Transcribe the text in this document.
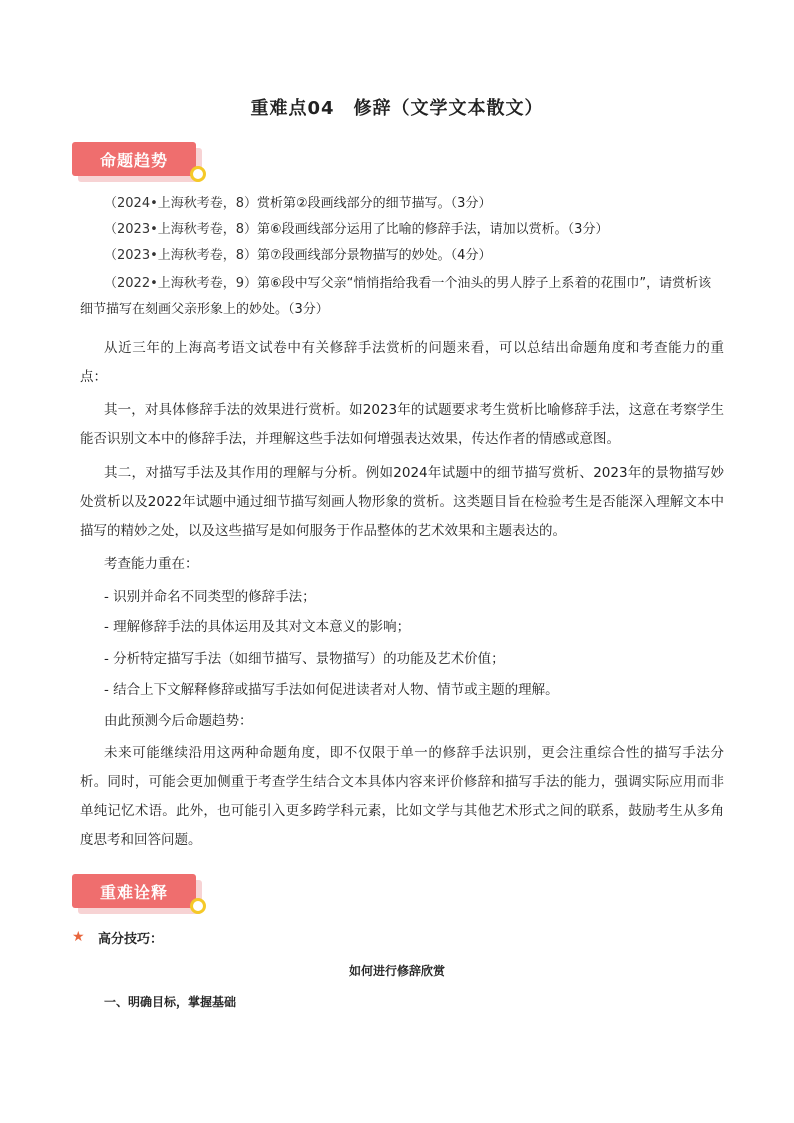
重难点04　修辞（文学文本散文）
命题趋势
（2024•上海秋考卷，8）赏析第②段画线部分的细节描写。（3分）
（2023•上海秋考卷，8）第⑥段画线部分运用了比喻的修辞手法，请加以赏析。（3分）
（2023•上海秋考卷，8）第⑦段画线部分景物描写的妙处。（4分）
（2022•上海秋考卷，9）第⑥段中写父亲“悄悄指给我看一个油头的男人脖子上系着的花围巾”，请赏析该细节描写在刻画父亲形象上的妙处。（3分）
从近三年的上海高考语文试卷中有关修辞手法赏析的问题来看，可以总结出命题角度和考查能力的重点：
其一，对具体修辞手法的效果进行赏析。如2023年的试题要求考生赏析比喻修辞手法，这意在考察学生能否识别文本中的修辞手法，并理解这些手法如何增强表达效果，传达作者的情感或意图。
其二，对描写手法及其作用的理解与分析。例如2024年试题中的细节描写赏析、2023年的景物描写妙处赏析以及2022年试题中通过细节描写刻画人物形象的赏析。这类题目旨在检验考生是否能深入理解文本中描写的精妙之处，以及这些描写是如何服务于作品整体的艺术效果和主题表达的。
考查能力重在：
- 识别并命名不同类型的修辞手法；
- 理解修辞手法的具体运用及其对文本意义的影响；
- 分析特定描写手法（如细节描写、景物描写）的功能及艺术价值；
- 结合上下文解释修辞或描写手法如何促进读者对人物、情节或主题的理解。
由此预测今后命题趋势：
未来可能继续沿用这两种命题角度，即不仅限于单一的修辞手法识别，更会注重综合性的描写手法分析。同时，可能会更加侧重于考查学生结合文本具体内容来评价修辞和描写手法的能力，强调实际应用而非单纯记忆术语。此外，也可能引入更多跨学科元素，比如文学与其他艺术形式之间的联系，鼓励考生从多角度思考和回答问题。
重难诠释
★ 高分技巧：
如何进行修辞欣赏
一、明确目标，掌握基础
